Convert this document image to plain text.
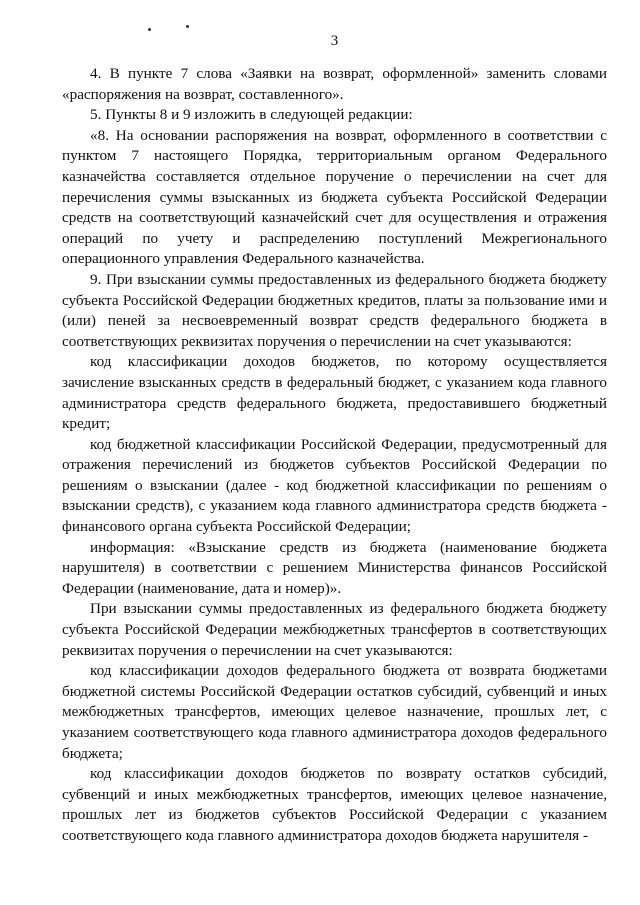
3

4. В пункте 7 слова «Заявки на возврат, оформленной» заменить словами «распоряжения на возврат, составленного».

5. Пункты 8 и 9 изложить в следующей редакции:

«8. На основании распоряжения на возврат, оформленного в соответствии с пунктом 7 настоящего Порядка, территориальным органом Федерального казначейства составляется отдельное поручение о перечислении на счет для перечисления суммы взысканных из бюджета субъекта Российской Федерации средств на соответствующий казначейский счет для осуществления и отражения операций по учету и распределению поступлений Межрегионального операционного управления Федерального казначейства.

9. При взыскании суммы предоставленных из федерального бюджета бюджету субъекта Российской Федерации бюджетных кредитов, платы за пользование ими и (или) пеней за несвоевременный возврат средств федерального бюджета в соответствующих реквизитах поручения о перечислении на счет указываются:

код классификации доходов бюджетов, по которому осуществляется зачисление взысканных средств в федеральный бюджет, с указанием кода главного администратора средств федерального бюджета, предоставившего бюджетный кредит;

код бюджетной классификации Российской Федерации, предусмотренный для отражения перечислений из бюджетов субъектов Российской Федерации по решениям о взыскании (далее - код бюджетной классификации по решениям о взыскании средств), с указанием кода главного администратора средств бюджета - финансового органа субъекта Российской Федерации;

информация: «Взыскание средств из бюджета (наименование бюджета нарушителя) в соответствии с решением Министерства финансов Российской Федерации (наименование, дата и номер)».

При взыскании суммы предоставленных из федерального бюджета бюджету субъекта Российской Федерации межбюджетных трансфертов в соответствующих реквизитах поручения о перечислении на счет указываются:

код классификации доходов федерального бюджета от возврата бюджетами бюджетной системы Российской Федерации остатков субсидий, субвенций и иных межбюджетных трансфертов, имеющих целевое назначение, прошлых лет, с указанием соответствующего кода главного администратора доходов федерального бюджета;

код классификации доходов бюджетов по возврату остатков субсидий, субвенций и иных межбюджетных трансфертов, имеющих целевое назначение, прошлых лет из бюджетов субъектов Российской Федерации с указанием соответствующего кода главного администратора доходов бюджета нарушителя -
